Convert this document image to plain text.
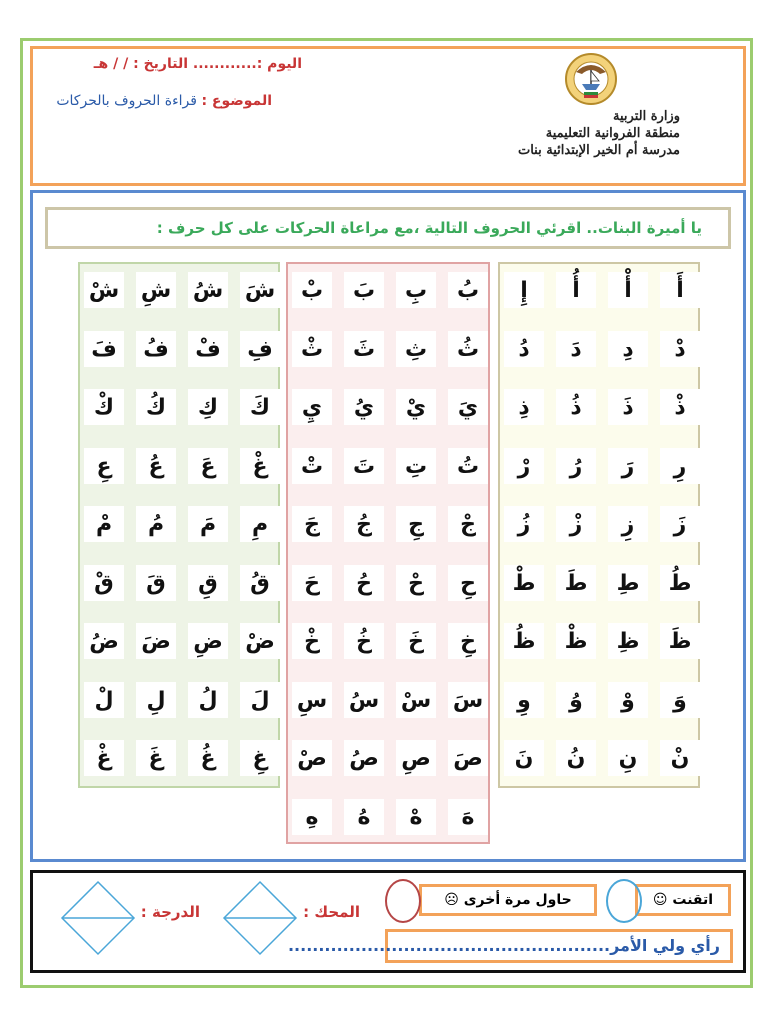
اليوم :............ التاريخ : / / هـ
الموضوع : قراءة الحروف بالحركات
وزارة التربية
منطقة الفروانية التعليمية
مدرسة أم الخير الإبتدائية بنات
يا أميرة البنات.. اقرئي الحروف التالية ،مع مراعاة الحركات على كل حرف :
أَ
أْ
أُ
إِ
دْ
دِ
دَ
دُ
ذْ
ذَ
ذُ
ذِ
رِ
رَ
رُ
رْ
زَ
زِ
زْ
زُ
طُ
طِ
طَ
طْ
ظَ
ظِ
ظْ
ظُ
وَ
وْ
وُ
وِ
نْ
نِ
نُ
نَ
بُ
بِ
بَ
بْ
ثُ
ثِ
ثَ
ثْ
يَ
يْ
يُ
يِ
تُ
تِ
تَ
تْ
جْ
جِ
جُ
جَ
حِ
حْ
حُ
حَ
خِ
خَ
خُ
خْ
سَ
سْ
سُ
سِ
صَ
صِ
صُ
صْ
هَ
هْ
هُ
هِ
شَ
شُ
شِ
شْ
فِ
فْ
فُ
فَ
كَ
كِ
كُ
كْ
غْ
عَ
عُ
عِ
مِ
مَ
مُ
مْ
قُ
قِ
قَ
قْ
ضْ
ضِ
ضَ
ضُ
لَ
لُ
لِ
لْ
غِ
غُ
غَ
غْ
اتقنت ☺
حاول مرة أخرى ☹
رأي ولي الأمر.....................................................
المحك :
الدرجة :
